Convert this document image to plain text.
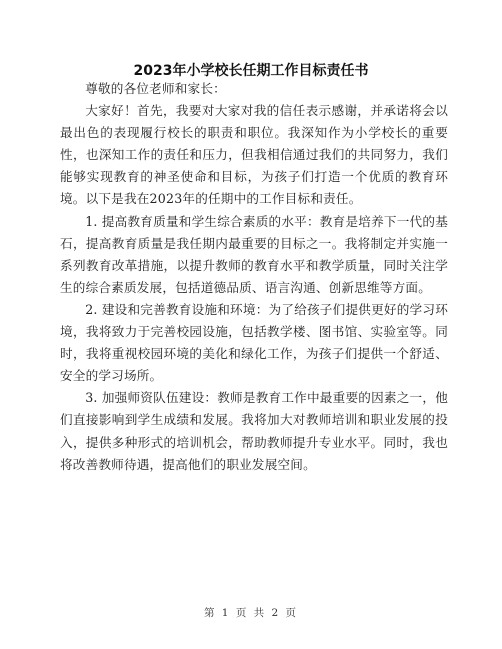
2023年小学校长任期工作目标责任书

尊敬的各位老师和家长：

大家好！首先，我要对大家对我的信任表示感谢，并承诺将会以最出色的表现履行校长的职责和职位。我深知作为小学校长的重要性，也深知工作的责任和压力，但我相信通过我们的共同努力，我们能够实现教育的神圣使命和目标，为孩子们打造一个优质的教育环境。以下是我在2023年的任期中的工作目标和责任。

1. 提高教育质量和学生综合素质的水平：教育是培养下一代的基石，提高教育质量是我任期内最重要的目标之一。我将制定并实施一系列教育改革措施，以提升教师的教育水平和教学质量，同时关注学生的综合素质发展，包括道德品质、语言沟通、创新思维等方面。

2. 建设和完善教育设施和环境：为了给孩子们提供更好的学习环境，我将致力于完善校园设施，包括教学楼、图书馆、实验室等。同时，我将重视校园环境的美化和绿化工作，为孩子们提供一个舒适、安全的学习场所。

3. 加强师资队伍建设：教师是教育工作中最重要的因素之一，他们直接影响到学生成绩和发展。我将加大对教师培训和职业发展的投入，提供多种形式的培训机会，帮助教师提升专业水平。同时，我也将改善教师待遇，提高他们的职业发展空间。

第 1 页 共 2 页
